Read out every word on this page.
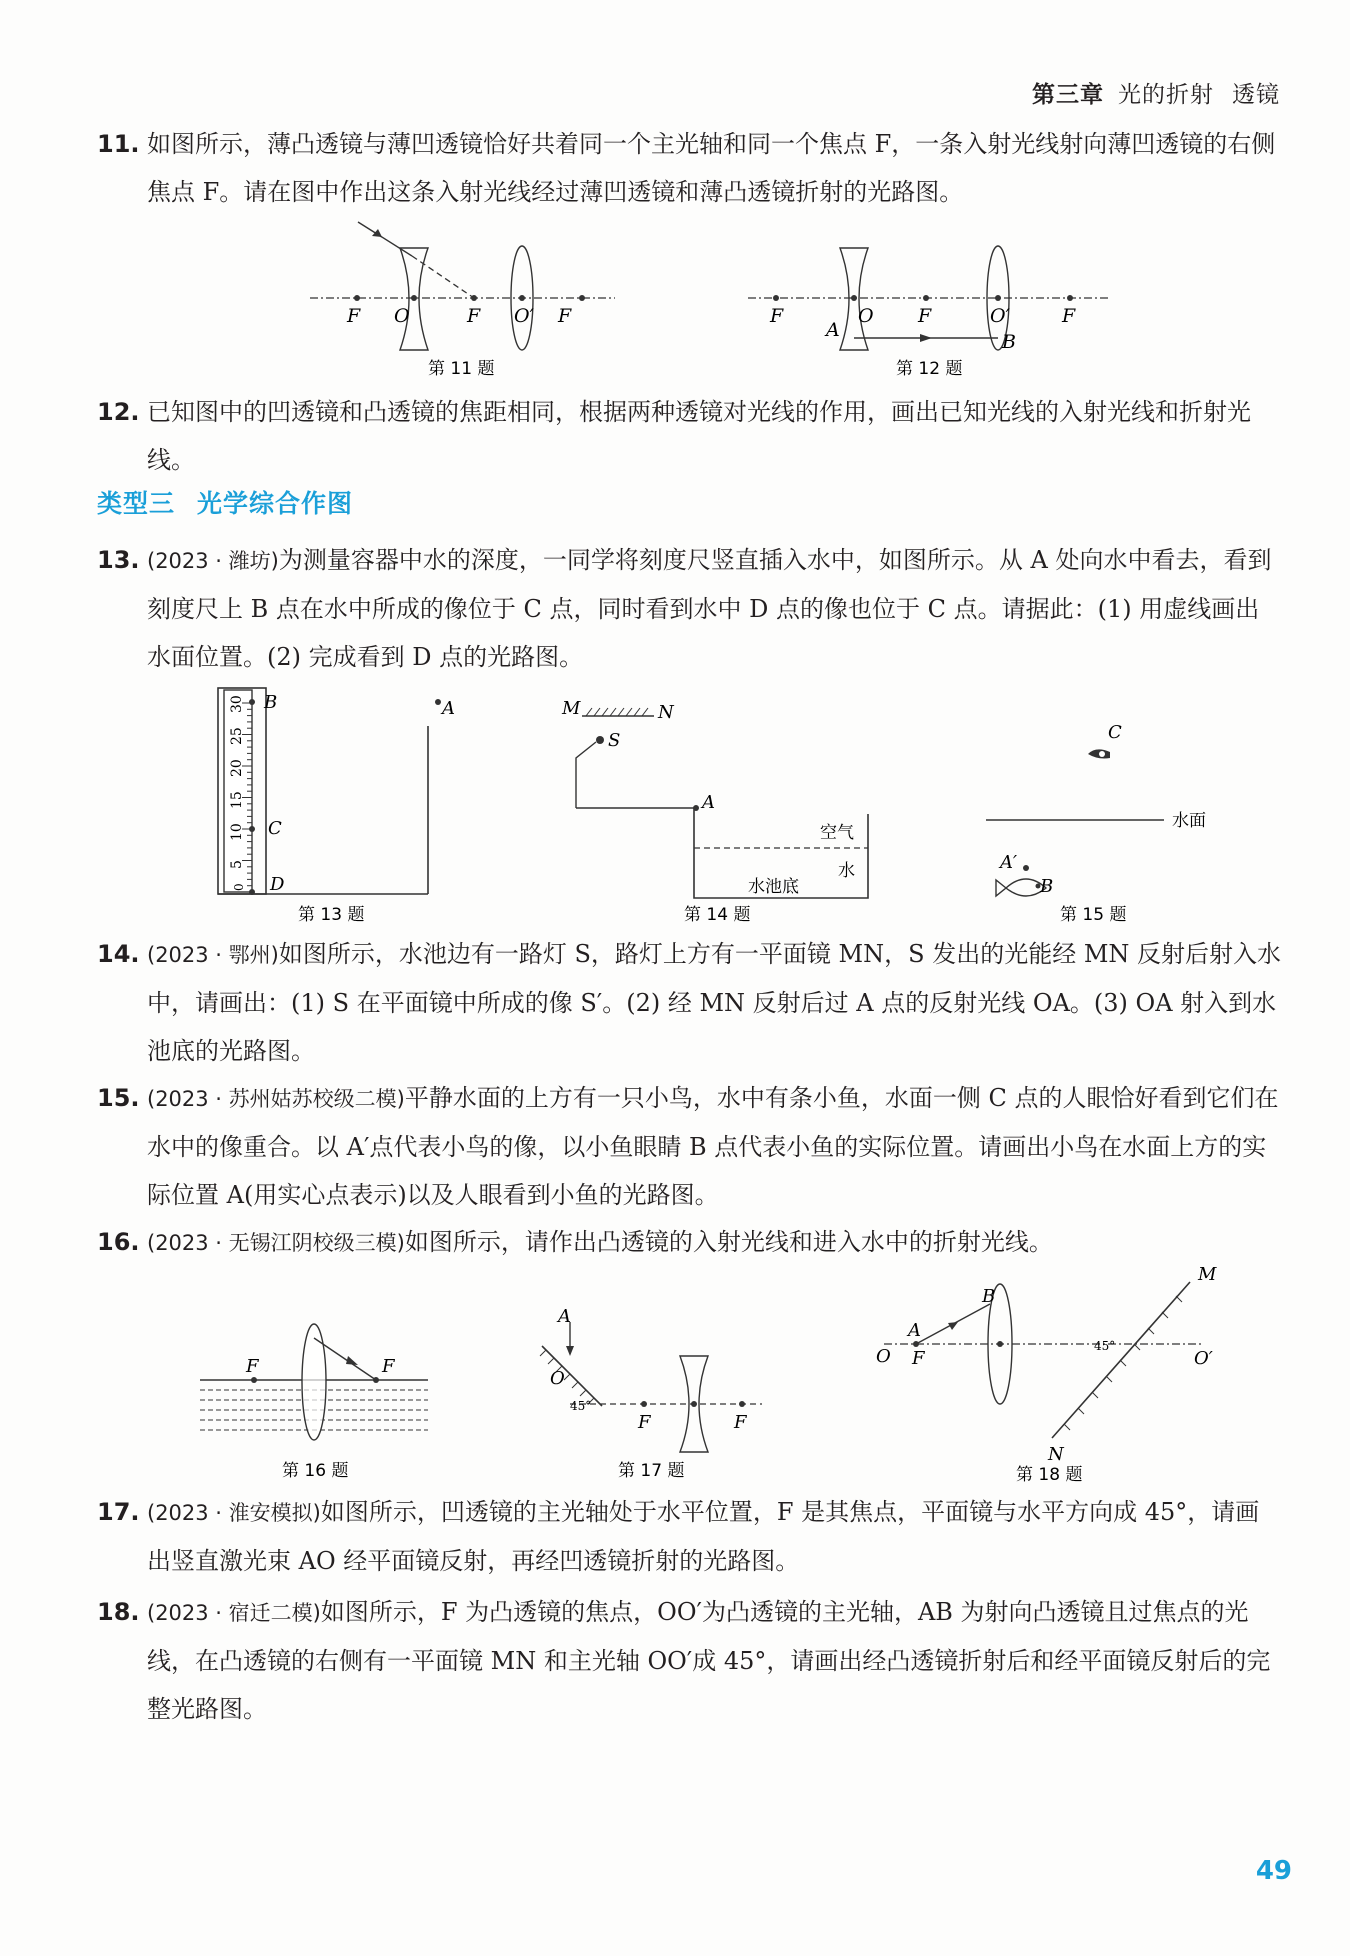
第三章 光的折射 透镜
11. 如图所示，薄凸透镜与薄凹透镜恰好共着同一个主光轴和同一个焦点 F，一条入射光线射向薄凹透镜的右侧焦点 F。请在图中作出这条入射光线经过薄凹透镜和薄凸透镜折射的光路图。
F O	F O′ F
第 11 题
F
A
O F	O′
B
F
第 12 题
12. 已知图中的凹透镜和凸透镜的焦距相同，根据两种透镜对光线的作用，画出已知光线的入射光线和折射光线。
类型三 光学综合作图
13. (2023 · 潍坊)为测量容器中水的深度，一同学将刻度尺竖直插入水中，如图所示。从 A 处向水中看去，看到刻度尺上 B 点在水中所成的像位于 C 点，同时看到水中 D 点的像也位于 C 点。请据此：(1) 用虚线画出水面位置。(2) 完成看到 D 点的光路图。
30
25
20
15
10
5
0
B	A
C
D
第 13 题
M	N
S
A
空气
水
水池底
第 14 题
C
水面
A′
B
第 15 题
14. (2023 · 鄂州)如图所示，水池边有一路灯 S，路灯上方有一平面镜 MN，S 发出的光能经 MN 反射后射入水中，请画出：(1) S 在平面镜中所成的像 S′。(2) 经 MN 反射后过 A 点的反射光线 OA。(3) OA 射入到水池底的光路图。
15. (2023 · 苏州姑苏校级二模)平静水面的上方有一只小鸟，水中有条小鱼，水面一侧 C 点的人眼恰好看到它们在水中的像重合。以 A′点代表小鸟的像，以小鱼眼睛 B 点代表小鱼的实际位置。请画出小鸟在水面上方的实际位置 A(用实心点表示)以及人眼看到小鱼的光路图。
16. (2023 · 无锡江阴校级三模)如图所示，请作出凸透镜的入射光线和进入水中的折射光线。
F	F
第 16 题
A
O
45°
F	F
第 17 题
B
M
A
O F
45°
O′
N
第 18 题
17. (2023 · 淮安模拟)如图所示，凹透镜的主光轴处于水平位置，F 是其焦点，平面镜与水平方向成 45°，请画出竖直激光束 AO 经平面镜反射，再经凹透镜折射的光路图。
18. (2023 · 宿迁二模)如图所示，F 为凸透镜的焦点，OO′为凸透镜的主光轴，AB 为射向凸透镜且过焦点的光线，在凸透镜的右侧有一平面镜 MN 和主光轴 OO′成 45°，请画出经凸透镜折射后和经平面镜反射后的完整光路图。
49
